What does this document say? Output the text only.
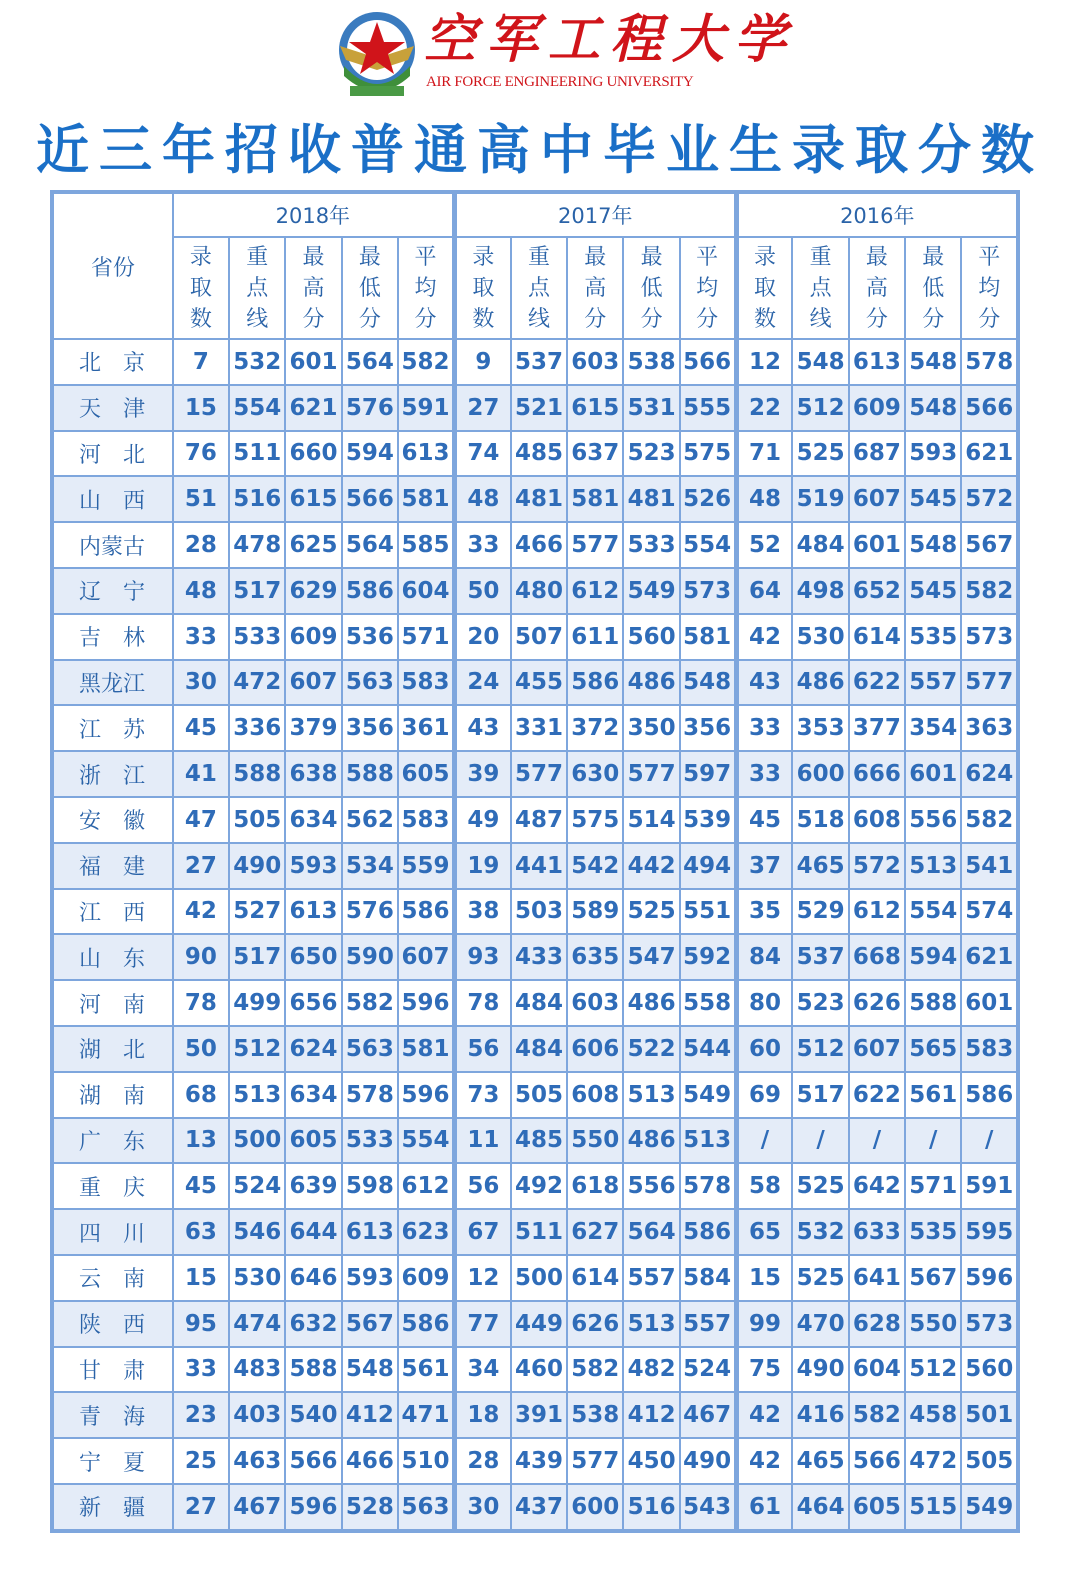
空军工程大学
AIR FORCE ENGINEERING UNIVERSITY
近三年招收普通高中毕业生录取分数
省份	2018年					2017年					2016年				

	录
取
数	重
点
线	最
高
分	最
低
分	平
均
分	录
取
数	重
点
线	最
高
分	最
低
分	平
均
分	录
取
数	重
点
线	最
高
分	最
低
分	平
均
分

北　京	7	532	601	564	582	9	537	603	538	566	12	548	613	548	578
天　津	15	554	621	576	591	27	521	615	531	555	22	512	609	548	566
河　北	76	511	660	594	613	74	485	637	523	575	71	525	687	593	621
山　西	51	516	615	566	581	48	481	581	481	526	48	519	607	545	572
内蒙古	28	478	625	564	585	33	466	577	533	554	52	484	601	548	567
辽　宁	48	517	629	586	604	50	480	612	549	573	64	498	652	545	582
吉　林	33	533	609	536	571	20	507	611	560	581	42	530	614	535	573
黑龙江	30	472	607	563	583	24	455	586	486	548	43	486	622	557	577
江　苏	45	336	379	356	361	43	331	372	350	356	33	353	377	354	363
浙　江	41	588	638	588	605	39	577	630	577	597	33	600	666	601	624
安　徽	47	505	634	562	583	49	487	575	514	539	45	518	608	556	582
福　建	27	490	593	534	559	19	441	542	442	494	37	465	572	513	541
江　西	42	527	613	576	586	38	503	589	525	551	35	529	612	554	574
山　东	90	517	650	590	607	93	433	635	547	592	84	537	668	594	621
河　南	78	499	656	582	596	78	484	603	486	558	80	523	626	588	601
湖　北	50	512	624	563	581	56	484	606	522	544	60	512	607	565	583
湖　南	68	513	634	578	596	73	505	608	513	549	69	517	622	561	586
广　东	13	500	605	533	554	11	485	550	486	513	/	/	/	/	/
重　庆	45	524	639	598	612	56	492	618	556	578	58	525	642	571	591
四　川	63	546	644	613	623	67	511	627	564	586	65	532	633	535	595
云　南	15	530	646	593	609	12	500	614	557	584	15	525	641	567	596
陕　西	95	474	632	567	586	77	449	626	513	557	99	470	628	550	573
甘　肃	33	483	588	548	561	34	460	582	482	524	75	490	604	512	560
青　海	23	403	540	412	471	18	391	538	412	467	42	416	582	458	501
宁　夏	25	463	566	466	510	28	439	577	450	490	42	465	566	472	505
新　疆	27	467	596	528	563	30	437	600	516	543	61	464	605	515	549
